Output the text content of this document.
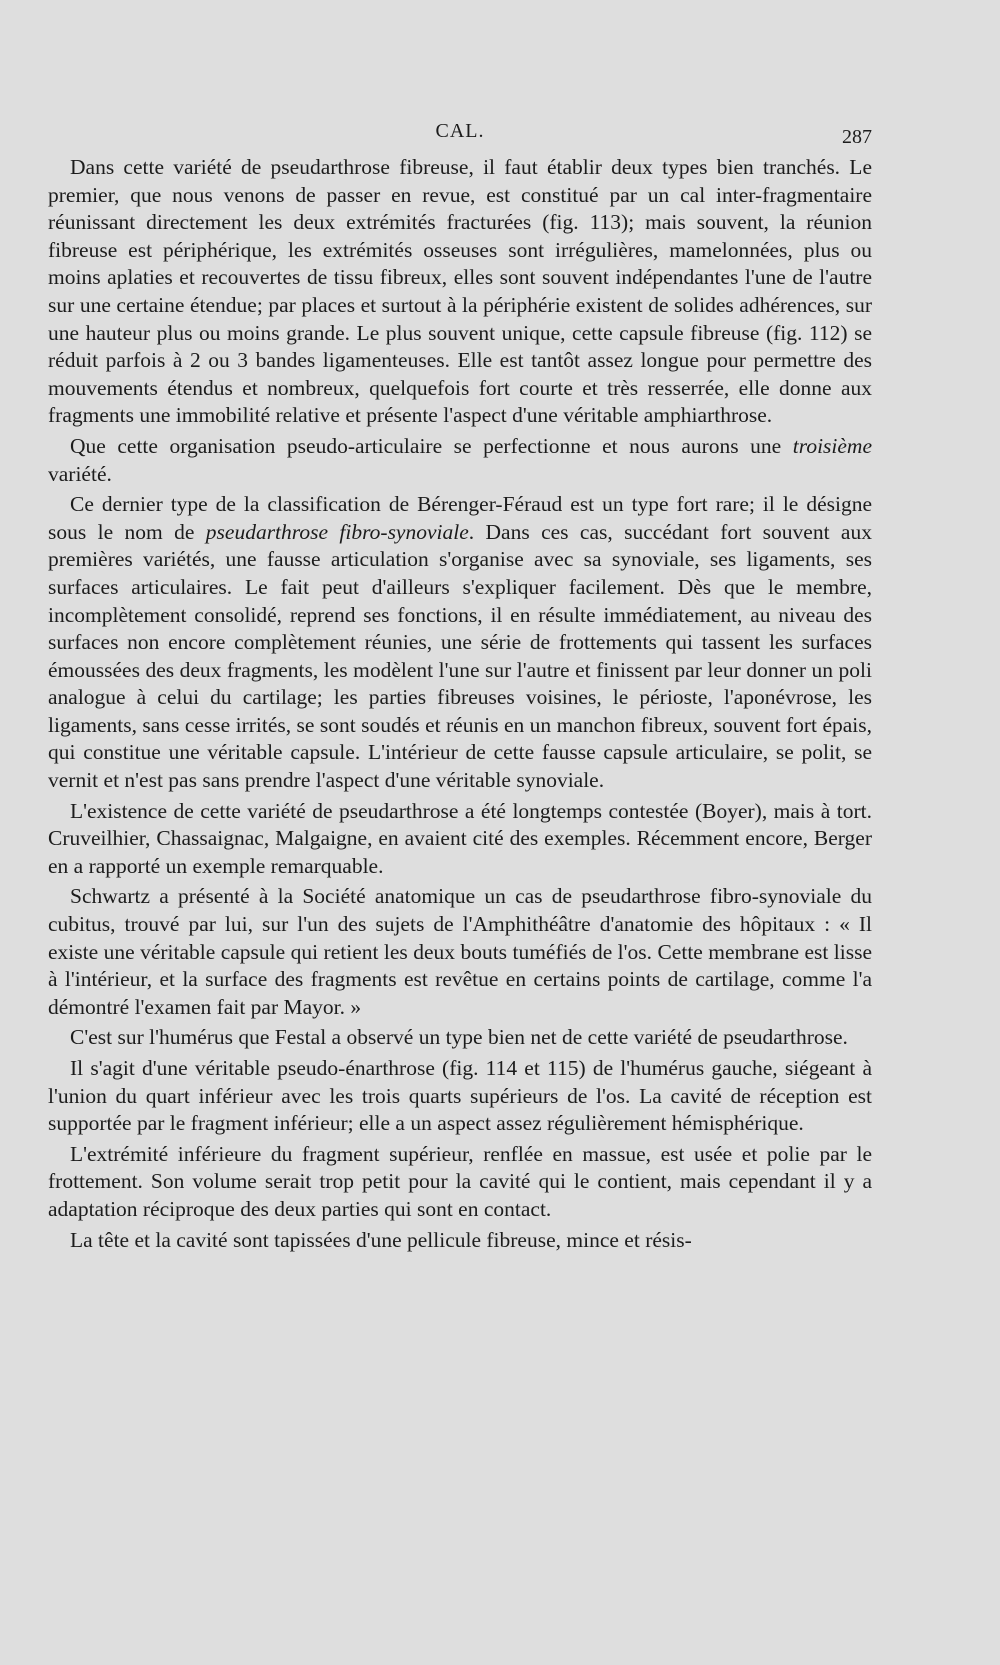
CAL.	287

Dans cette variété de pseudarthrose fibreuse, il faut établir deux types bien tranchés. Le premier, que nous venons de passer en revue, est constitué par un cal inter-fragmentaire réunissant directement les deux extrémités fracturées (fig. 113); mais souvent, la réunion fibreuse est périphérique, les extrémités osseuses sont irrégulières, mamelonnées, plus ou moins aplaties et recouvertes de tissu fibreux, elles sont souvent indépendantes l'une de l'autre sur une certaine étendue; par places et surtout à la périphérie existent de solides adhérences, sur une hauteur plus ou moins grande. Le plus souvent unique, cette capsule fibreuse (fig. 112) se réduit parfois à 2 ou 3 bandes ligamenteuses. Elle est tantôt assez longue pour permettre des mouvements étendus et nombreux, quelquefois fort courte et très resserrée, elle donne aux fragments une immobilité relative et présente l'aspect d'une véritable amphiarthrose.

Que cette organisation pseudo-articulaire se perfectionne et nous aurons une troisième variété.

Ce dernier type de la classification de Bérenger-Féraud est un type fort rare; il le désigne sous le nom de pseudarthrose fibro-synoviale. Dans ces cas, succédant fort souvent aux premières variétés, une fausse articulation s'organise avec sa synoviale, ses ligaments, ses surfaces articulaires. Le fait peut d'ailleurs s'expliquer facilement. Dès que le membre, incomplètement consolidé, reprend ses fonctions, il en résulte immédiatement, au niveau des surfaces non encore complètement réunies, une série de frottements qui tassent les surfaces émoussées des deux fragments, les modèlent l'une sur l'autre et finissent par leur donner un poli analogue à celui du cartilage; les parties fibreuses voisines, le périoste, l'aponévrose, les ligaments, sans cesse irrités, se sont soudés et réunis en un manchon fibreux, souvent fort épais, qui constitue une véritable capsule. L'intérieur de cette fausse capsule articulaire, se polit, se vernit et n'est pas sans prendre l'aspect d'une véritable synoviale.

L'existence de cette variété de pseudarthrose a été longtemps contestée (Boyer), mais à tort. Cruveilhier, Chassaignac, Malgaigne, en avaient cité des exemples. Récemment encore, Berger en a rapporté un exemple remarquable.

Schwartz a présenté à la Société anatomique un cas de pseudarthrose fibro-synoviale du cubitus, trouvé par lui, sur l'un des sujets de l'Amphithéâtre d'anatomie des hôpitaux : « Il existe une véritable capsule qui retient les deux bouts tuméfiés de l'os. Cette membrane est lisse à l'intérieur, et la surface des fragments est revêtue en certains points de cartilage, comme l'a démontré l'examen fait par Mayor. »

C'est sur l'humérus que Festal a observé un type bien net de cette variété de pseudarthrose.

Il s'agit d'une véritable pseudo-énarthrose (fig. 114 et 115) de l'humérus gauche, siégeant à l'union du quart inférieur avec les trois quarts supérieurs de l'os. La cavité de réception est supportée par le fragment inférieur; elle a un aspect assez régulièrement hémisphérique.

L'extrémité inférieure du fragment supérieur, renflée en massue, est usée et polie par le frottement. Son volume serait trop petit pour la cavité qui le contient, mais cependant il y a adaptation réciproque des deux parties qui sont en contact.

La tête et la cavité sont tapissées d'une pellicule fibreuse, mince et résis-
